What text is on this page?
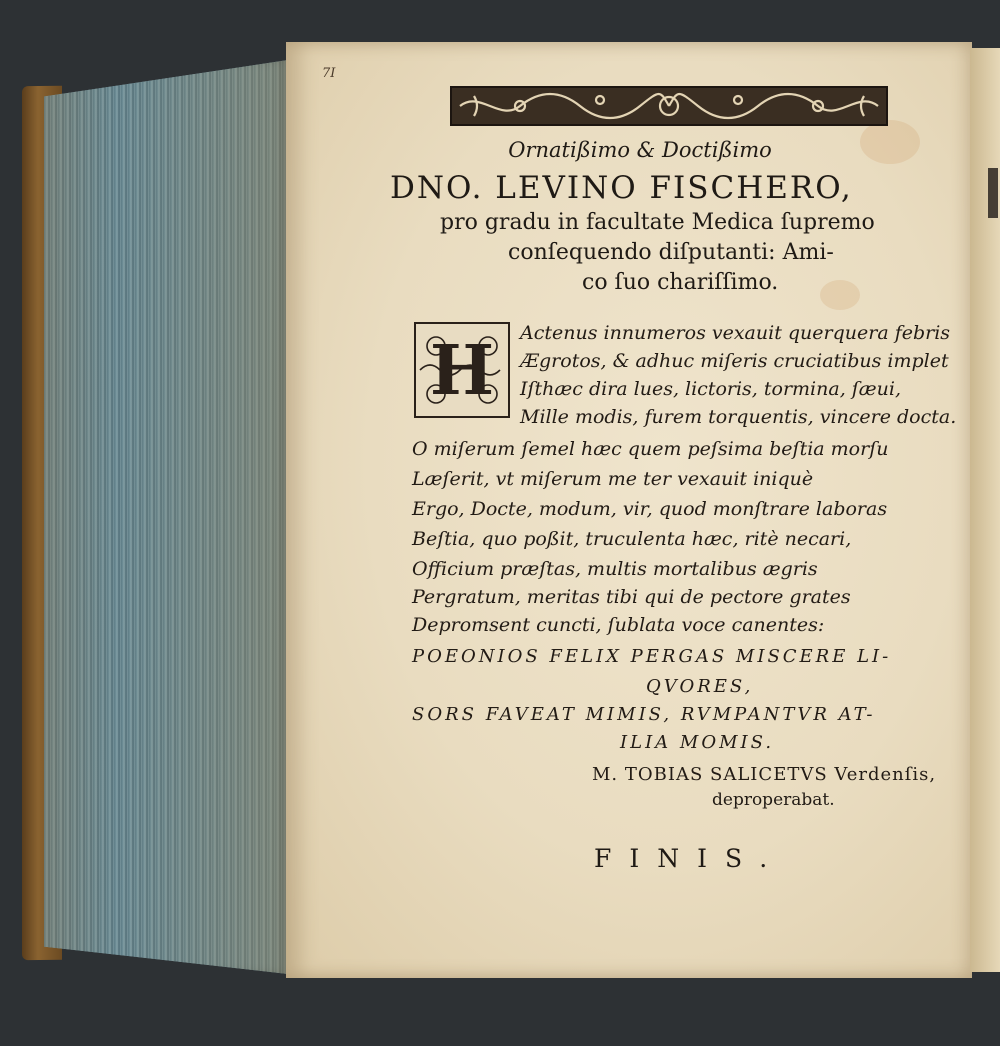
7I
Ornatißimo & Doctißimo
DNO. LEVINO FISCHERO,
pro gradu in facultate Medica ſupremo
conſequendo diſputanti: Ami-
co ſuo chariſſimo.
H Actenus innumeros vexauit querquera febris
Ægrotos, & adhuc miſeris cruciatibus implet
Iſthæc dira lues, lictoris, tormina, ſæui,
Mille modis, furem torquentis, vincere docta.
O miſerum ſemel hæc quem peſsima beſtia morſu
Læſerit, vt miſerum me ter vexauit iniquè
Ergo, Docte, modum, vir, quod monſtrare laboras
Beſtia, quo poßit, truculenta hæc, ritè necari,
Officium præſtas, multis mortalibus ægris
Pergratum, meritas tibi qui de pectore grates
Depromsent cuncti, ſublata voce canentes:
POEONIOS FELIX PERGAS MISCERE LI-
QVORES,
SORS FAVEAT MIMIS, RVMPANTVR AT-
ILIA MOMIS.
M. TOBIAS SALICETVS Verdenſis,
deproperabat.
FINIS.
